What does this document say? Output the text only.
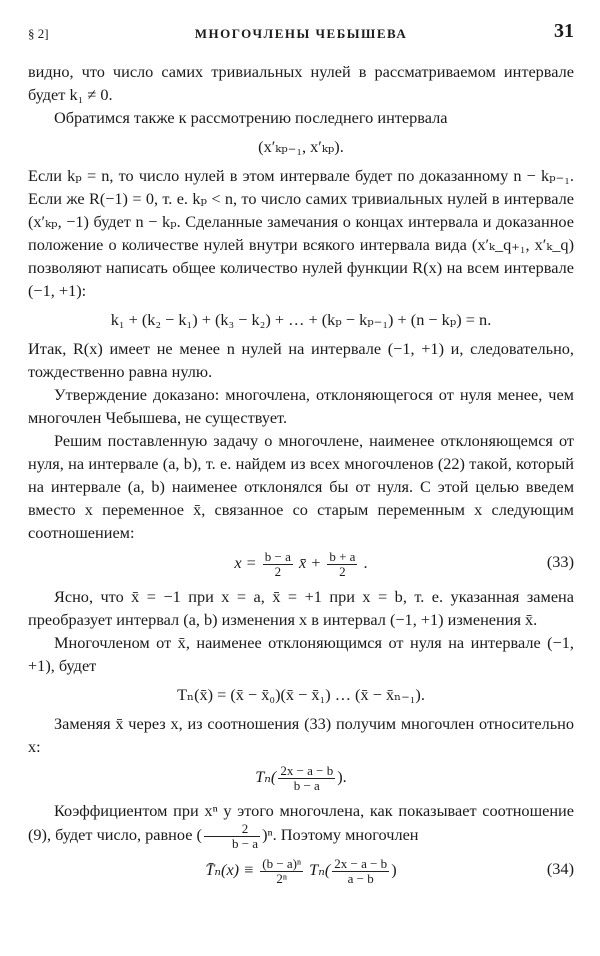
§ 2]	МНОГОЧЛЕНЫ ЧЕБЫШЕВА	31

видно, что число самих тривиальных нулей в рассматриваемом интервале будет k₁ ≠ 0.

Обратимся также к рассмотрению последнего интервала

(x′ₖₚ₋₁, x′ₖₚ).

Если kₚ = n, то число нулей в этом интервале будет по доказанному n − kₚ₋₁. Если же R(−1) = 0, т. е. kₚ < n, то число самих тривиальных нулей в интервале (x′ₖₚ, −1) будет n − kₚ. Сделанные замечания о концах интервала и доказанное положение о количестве нулей внутри всякого интервала вида (x′ₖ_q₊₁, x′ₖ_q) позволяют написать общее количество нулей функции R(x) на всем интервале (−1, +1):

k₁ + (k₂ − k₁) + (k₃ − k₂) + … + (kₚ − kₚ₋₁) + (n − kₚ) = n.

Итак, R(x) имеет не менее n нулей на интервале (−1, +1) и, следовательно, тождественно равна нулю.

Утверждение доказано: многочлена, отклоняющегося от нуля менее, чем многочлен Чебышева, не существует.

Решим поставленную задачу о многочлене, наименее отклоняющемся от нуля, на интервале (a, b), т. е. найдем из всех многочленов (22) такой, который на интервале (a, b) наименее отклонялся бы от нуля. С этой целью введем вместо x переменное x̄, связанное со старым переменным x следующим соотношением:

$x = \frac{b - a}{2}$ x̄ + $\frac{b + a}{2}$ .	(33)

Ясно, что x̄ = −1 при x = a, x̄ = +1 при x = b, т. е. указанная замена преобразует интервал (a, b) изменения x в интервал (−1, +1) изменения x̄.

Многочленом от x̄, наименее отклоняющимся от нуля на интервале (−1, +1), будет

Tₙ(x̄) = (x̄ − x̄₀)(x̄ − x̄₁) … (x̄ − x̄ₙ₋₁).

Заменяя x̄ через x, из соотношения (33) получим многочлен относительно x:

$T_n( \frac{2x - a - b}{b - a}$ ).

Коэффициентом при xⁿ у этого многочлена, как показывает соотношение (9), будет число, равное ( $\frac{2}{b - a} )^n$. Поэтому многочлен

T̄ₙ(x) ≡ $\frac{\text{(b − a)ⁿ}}{\text{2ⁿ}} T_n( \frac{2x - a - b}{a - b}$ )	(34)
